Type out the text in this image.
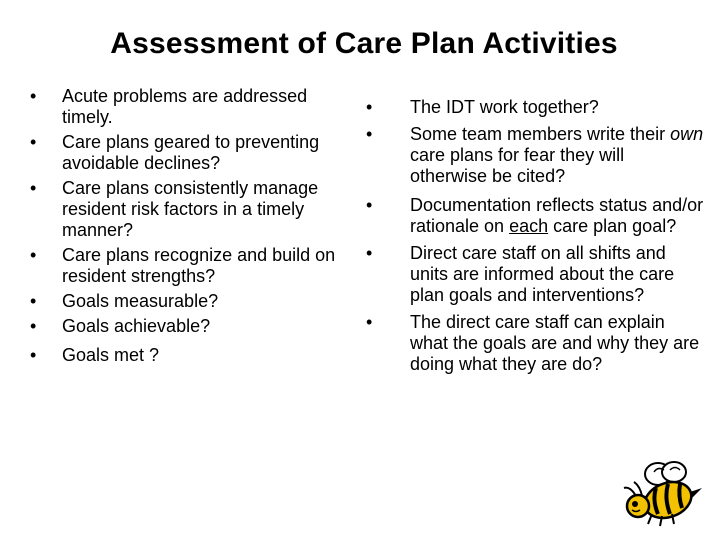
Assessment of Care Plan Activities
• Acute problems are addressed timely.
• Care plans geared to preventing avoidable declines?
• Care plans consistently manage resident risk factors in a timely manner?
• Care plans recognize and build on resident strengths?
• Goals measurable?
• Goals achievable?
• Goals met ?
• The IDT work together?
• Some team members write their own care plans for fear they will otherwise be cited?
• Documentation reflects status and/or rationale on each care plan goal?
• Direct care staff on all shifts and units are informed about the care plan goals and interventions?
• The direct care staff can explain what the goals are and why they are doing what they are do?
